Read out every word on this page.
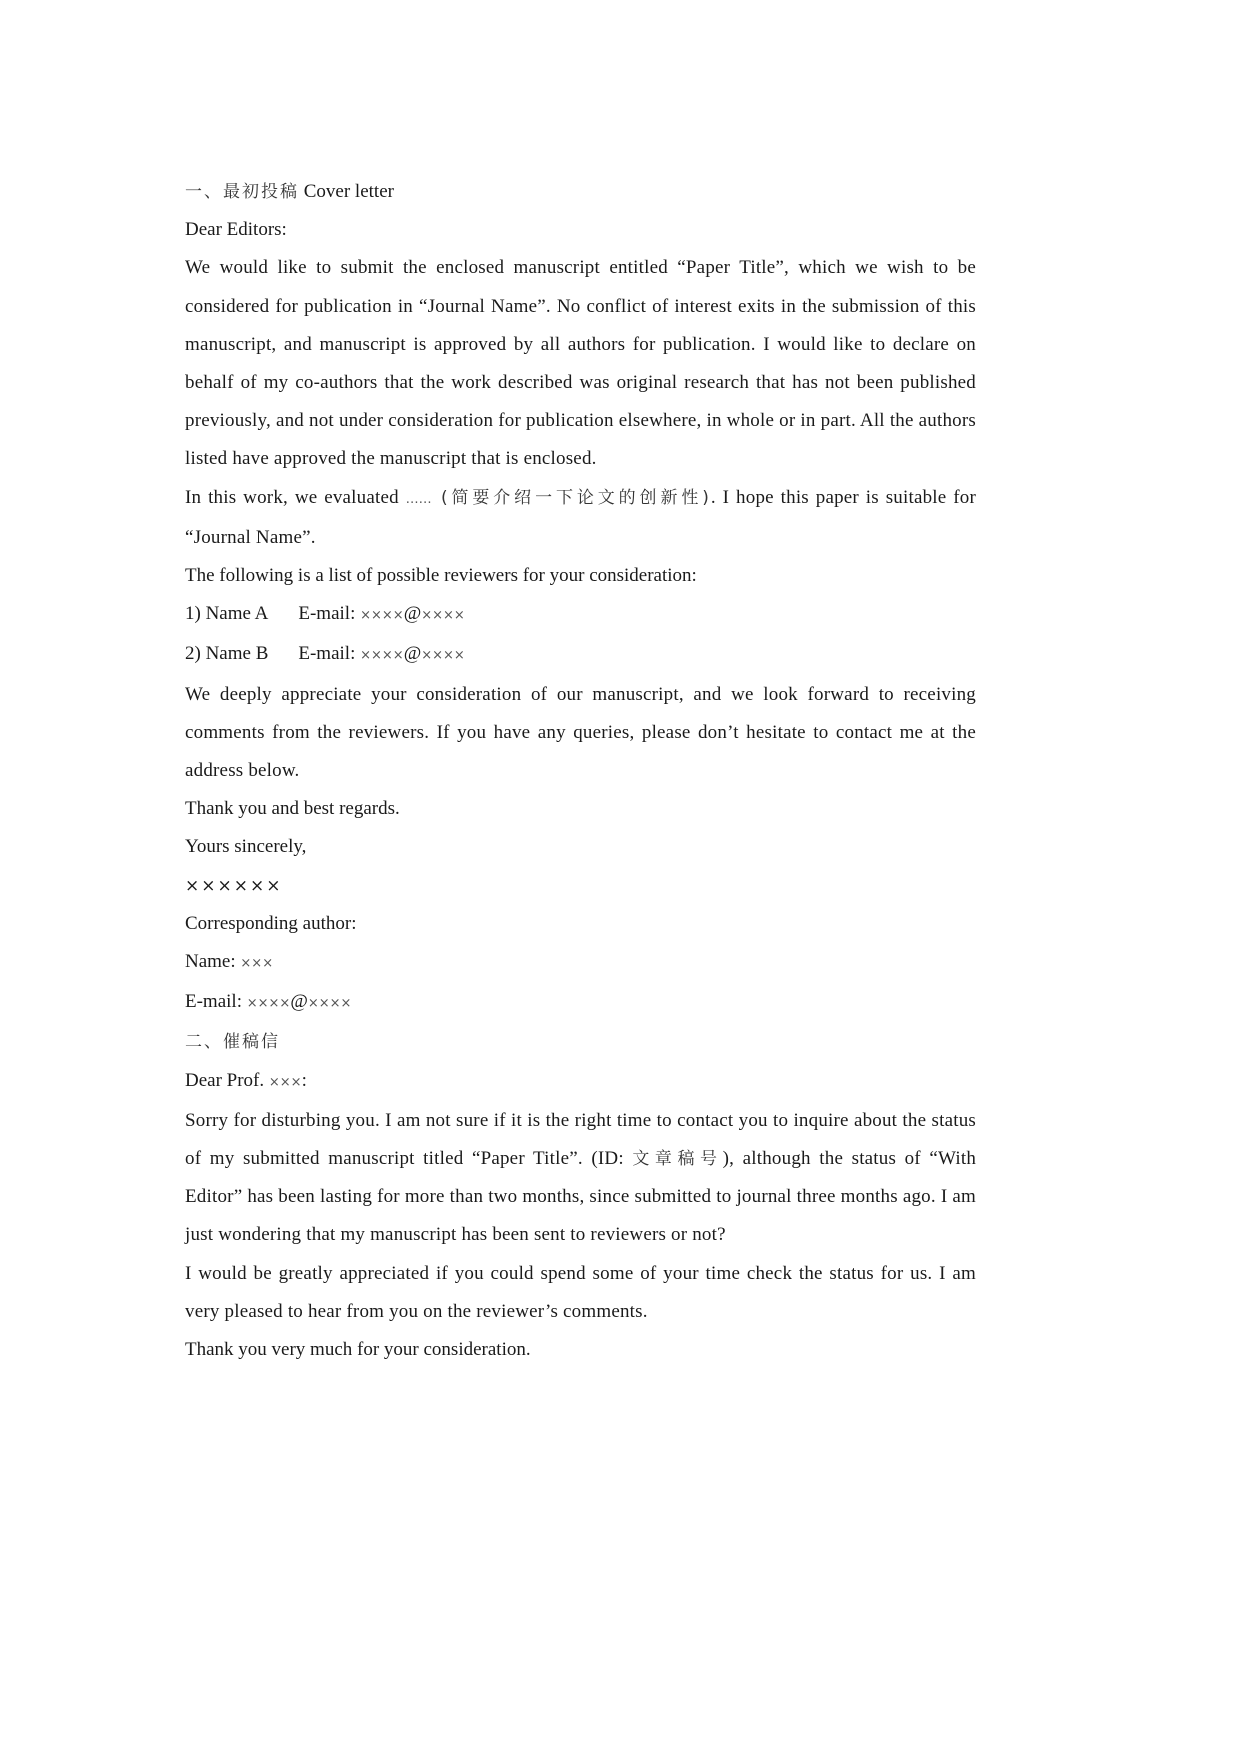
一、最初投稿 Cover letter
Dear Editors:

We would like to submit the enclosed manuscript entitled “Paper Title”, which we wish to be considered for publication in “Journal Name”. No conflict of interest exits in the submission of this manuscript, and manuscript is approved by all authors for publication. I would like to declare on behalf of my co-authors that the work described was original research that has not been published previously, and not under consideration for publication elsewhere, in whole or in part. All the authors listed have approved the manuscript that is enclosed.

In this work, we evaluated …… (简要介绍一下论文的创新性). I hope this paper is suitable for “Journal Name”.

The following is a list of possible reviewers for your consideration:
1) Name A E-mail: ××××@××××
2) Name B E-mail: ××××@××××

We deeply appreciate your consideration of our manuscript, and we look forward to receiving comments from the reviewers. If you have any queries, please don’t hesitate to contact me at the address below.

Thank you and best regards.
Yours sincerely,
××××××
Corresponding author:
Name: ×××
E-mail: ××××@××××
二、催稿信
Dear Prof. ×××:

Sorry for disturbing you. I am not sure if it is the right time to contact you to inquire about the status of my submitted manuscript titled “Paper Title”. (ID: 文章稿号), although the status of “With Editor” has been lasting for more than two months, since submitted to journal three months ago. I am just wondering that my manuscript has been sent to reviewers or not?

I would be greatly appreciated if you could spend some of your time check the status for us. I am very pleased to hear from you on the reviewer’s comments.

Thank you very much for your consideration.
